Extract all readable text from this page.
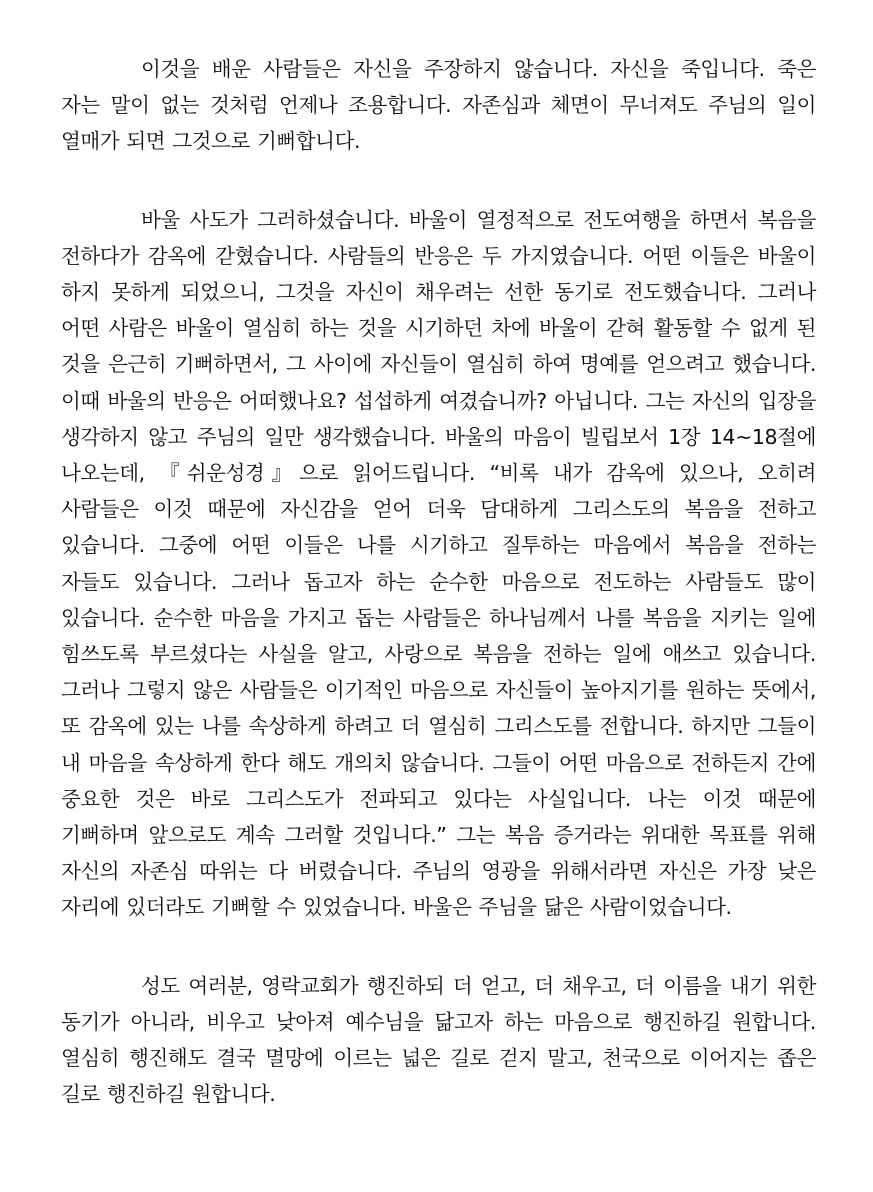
이것을 배운 사람들은 자신을 주장하지 않습니다. 자신을 죽입니다. 죽은 자는 말이 없는 것처럼 언제나 조용합니다. 자존심과 체면이 무너져도 주님의 일이 열매가 되면 그것으로 기뻐합니다.

바울 사도가 그러하셨습니다. 바울이 열정적으로 전도여행을 하면서 복음을 전하다가 감옥에 갇혔습니다. 사람들의 반응은 두 가지였습니다. 어떤 이들은 바울이 하지 못하게 되었으니, 그것을 자신이 채우려는 선한 동기로 전도했습니다. 그러나 어떤 사람은 바울이 열심히 하는 것을 시기하던 차에 바울이 갇혀 활동할 수 없게 된 것을 은근히 기뻐하면서, 그 사이에 자신들이 열심히 하여 명예를 얻으려고 했습니다. 이때 바울의 반응은 어떠했나요? 섭섭하게 여겼습니까? 아닙니다. 그는 자신의 입장을 생각하지 않고 주님의 일만 생각했습니다. 바울의 마음이 빌립보서 1장 14~18절에 나오는데, 『쉬운성경』으로 읽어드립니다. “비록 내가 감옥에 있으나, 오히려 사람들은 이것 때문에 자신감을 얻어 더욱 담대하게 그리스도의 복음을 전하고 있습니다. 그중에 어떤 이들은 나를 시기하고 질투하는 마음에서 복음을 전하는 자들도 있습니다. 그러나 돕고자 하는 순수한 마음으로 전도하는 사람들도 많이 있습니다. 순수한 마음을 가지고 돕는 사람들은 하나님께서 나를 복음을 지키는 일에 힘쓰도록 부르셨다는 사실을 알고, 사랑으로 복음을 전하는 일에 애쓰고 있습니다. 그러나 그렇지 않은 사람들은 이기적인 마음으로 자신들이 높아지기를 원하는 뜻에서, 또 감옥에 있는 나를 속상하게 하려고 더 열심히 그리스도를 전합니다. 하지만 그들이 내 마음을 속상하게 한다 해도 개의치 않습니다. 그들이 어떤 마음으로 전하든지 간에 중요한 것은 바로 그리스도가 전파되고 있다는 사실입니다. 나는 이것 때문에 기뻐하며 앞으로도 계속 그러할 것입니다.” 그는 복음 증거라는 위대한 목표를 위해 자신의 자존심 따위는 다 버렸습니다. 주님의 영광을 위해서라면 자신은 가장 낮은 자리에 있더라도 기뻐할 수 있었습니다. 바울은 주님을 닮은 사람이었습니다.

성도 여러분, 영락교회가 행진하되 더 얻고, 더 채우고, 더 이름을 내기 위한 동기가 아니라, 비우고 낮아져 예수님을 닮고자 하는 마음으로 행진하길 원합니다. 열심히 행진해도 결국 멸망에 이르는 넓은 길로 걷지 말고, 천국으로 이어지는 좁은 길로 행진하길 원합니다.
